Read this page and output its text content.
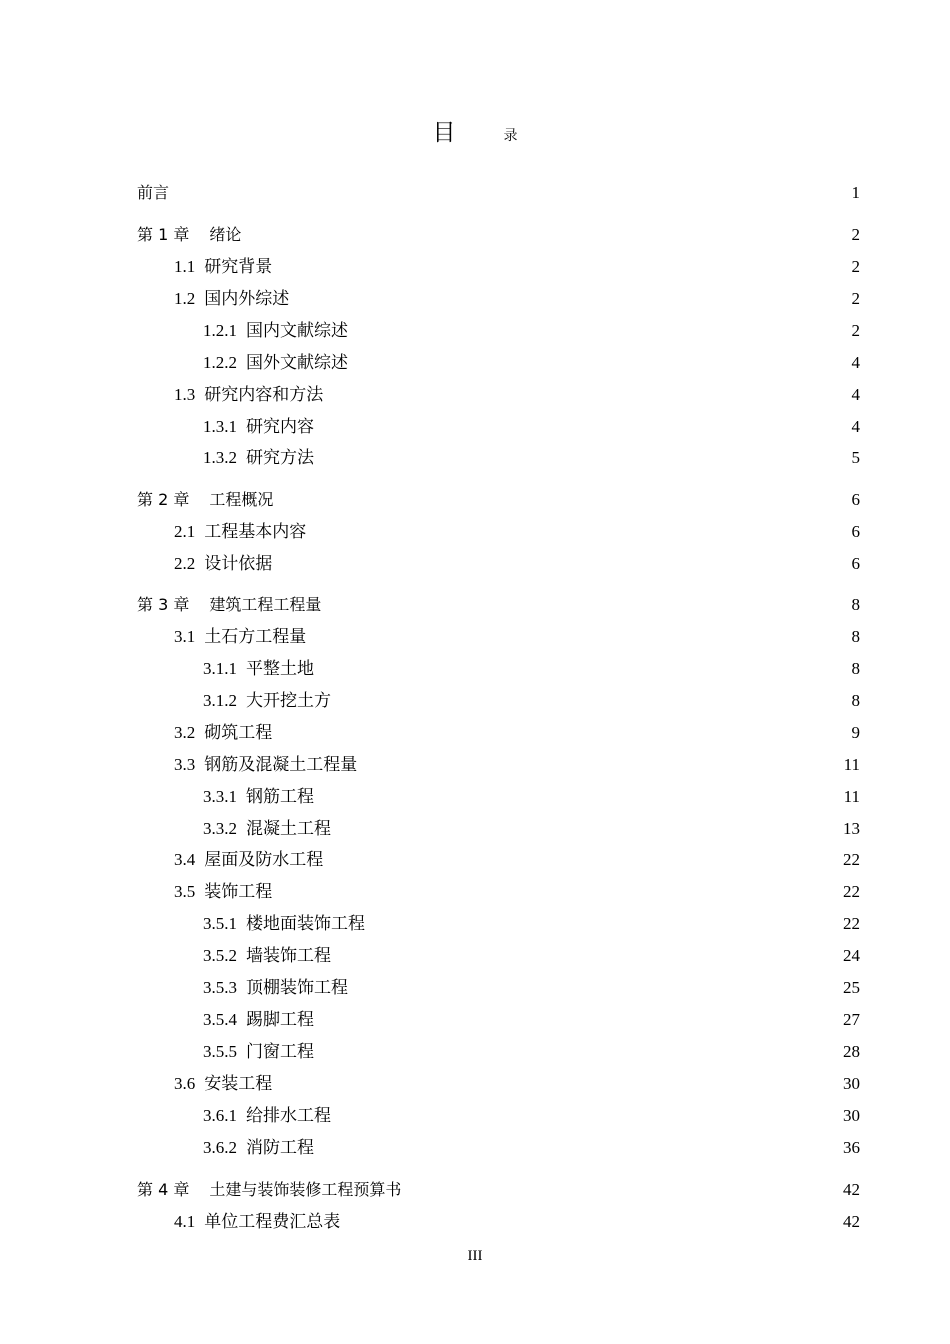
目	录
前言	1
第 1 章 绪论	2
1.1 研究背景	2
1.2 国内外综述	2
1.2.1 国内文献综述	2
1.2.2 国外文献综述	4
1.3 研究内容和方法	4
1.3.1 研究内容	4
1.3.2 研究方法	5
第 2 章 工程概况	6
2.1 工程基本内容	6
2.2 设计依据	6
第 3 章 建筑工程工程量	8
3.1 土石方工程量	8
3.1.1 平整土地	8
3.1.2 大开挖土方	8
3.2 砌筑工程	9
3.3 钢筋及混凝土工程量	11
3.3.1 钢筋工程	11
3.3.2 混凝土工程	13
3.4 屋面及防水工程	22
3.5 装饰工程	22
3.5.1 楼地面装饰工程	22
3.5.2 墙装饰工程	24
3.5.3 顶棚装饰工程	25
3.5.4 踢脚工程	27
3.5.5 门窗工程	28
3.6 安装工程	30
3.6.1 给排水工程	30
3.6.2 消防工程	36
第 4 章 土建与装饰装修工程预算书	42
4.1 单位工程费汇总表	42
III
